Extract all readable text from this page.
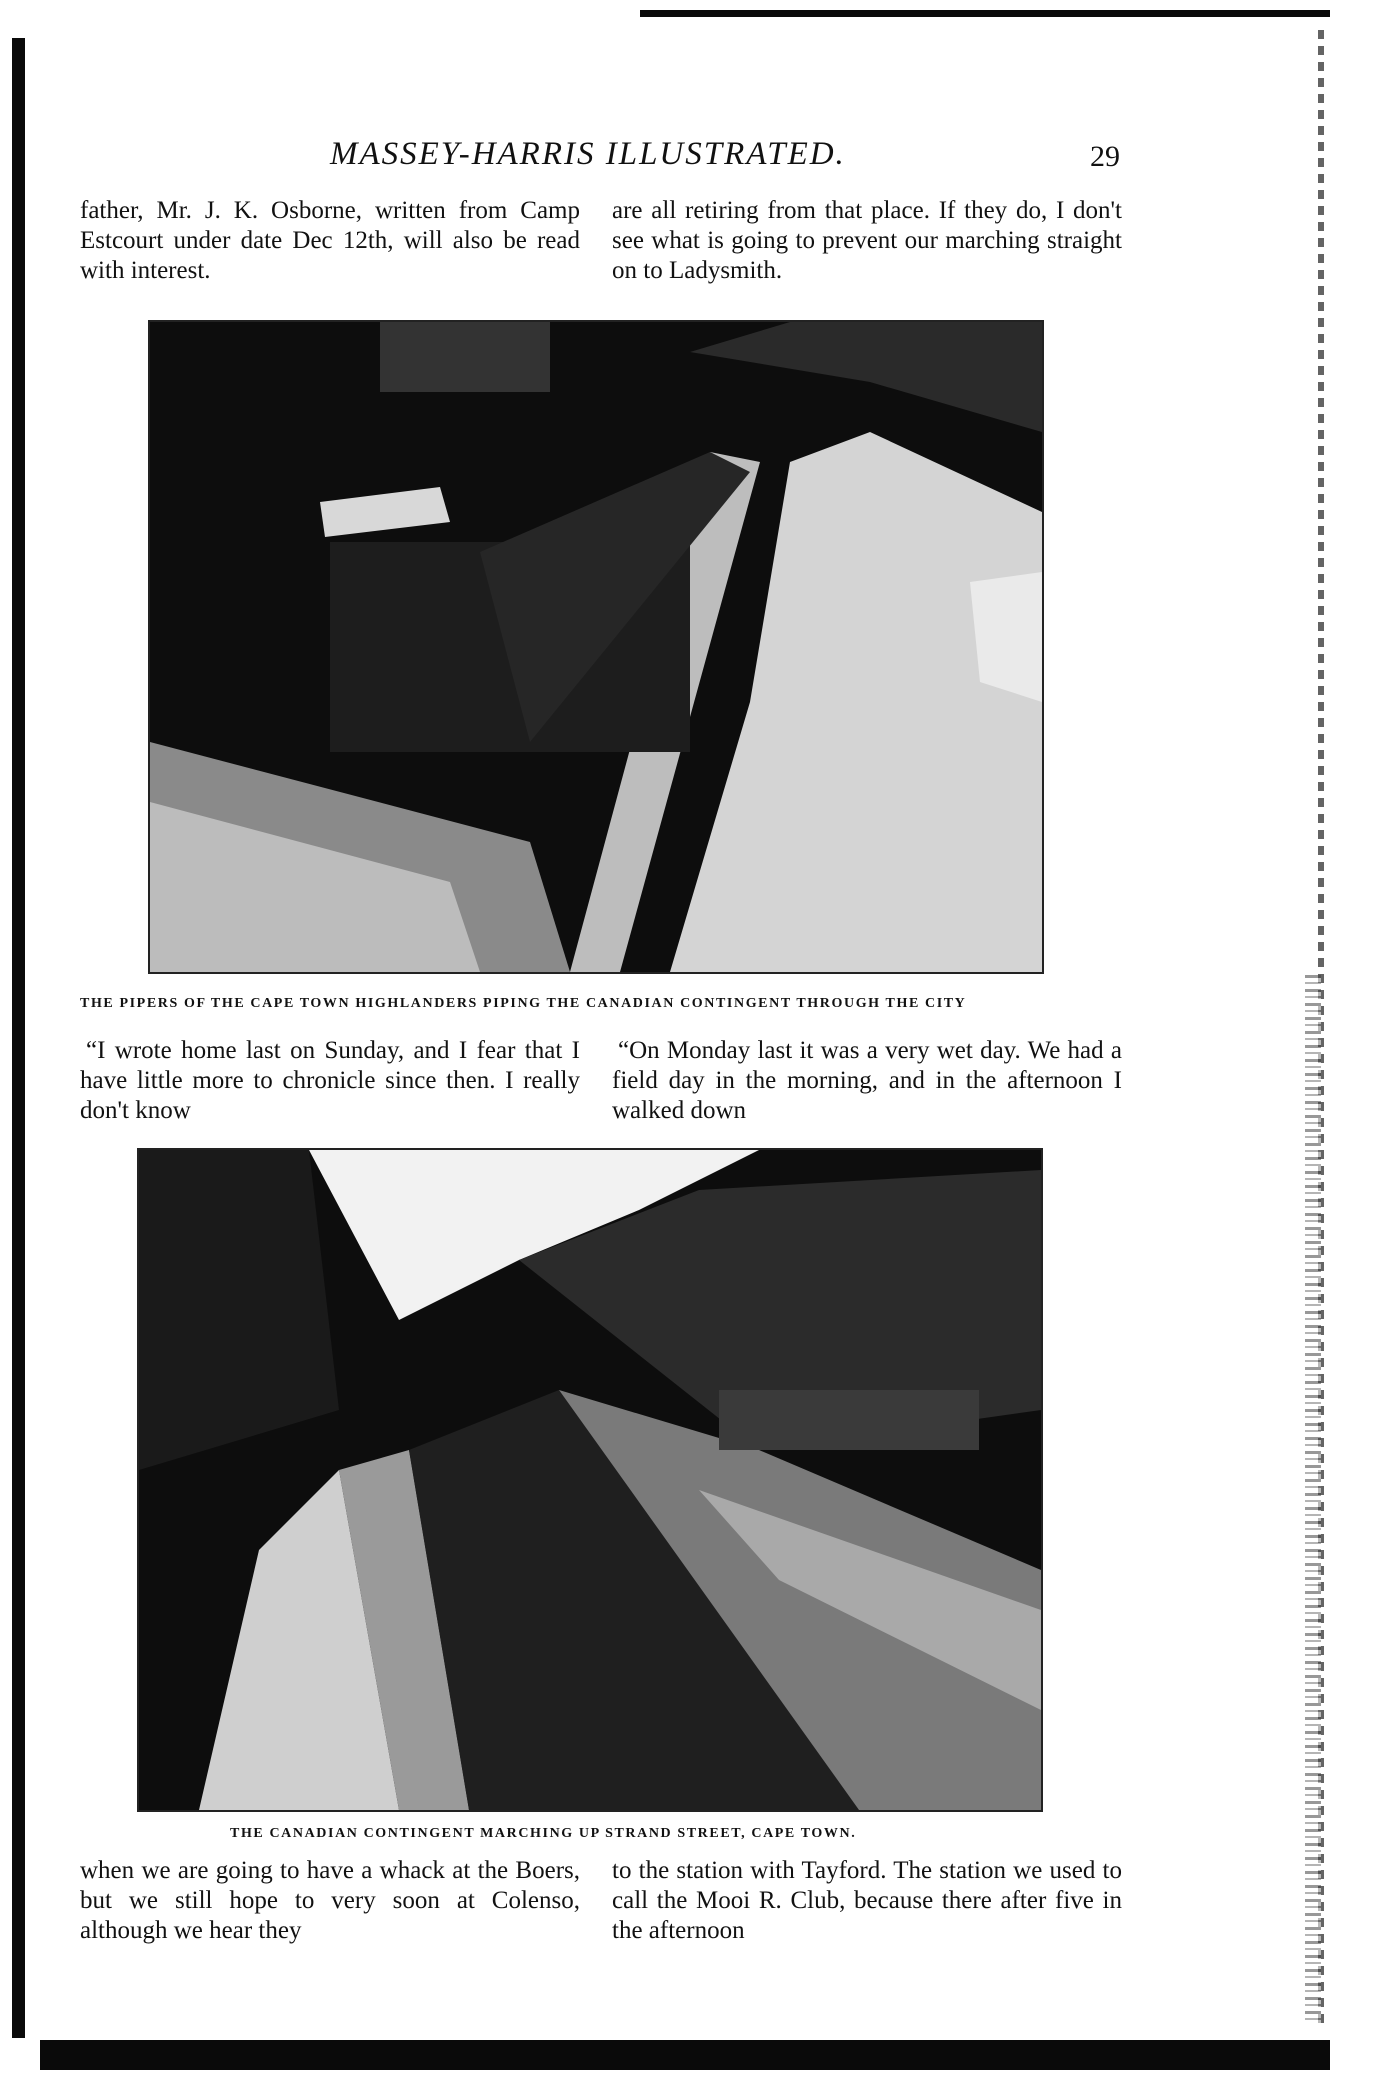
MASSEY-HARRIS ILLUSTRATED.	29

father, Mr. J. K. Osborne, written from Camp Estcourt under date Dec 12th, will also be read with interest.

are all retiring from that place. If they do, I don't see what is going to prevent our marching straight on to Ladysmith.

THE PIPERS OF THE CAPE TOWN HIGHLANDERS PIPING THE CANADIAN CONTINGENT THROUGH THE CITY

“I wrote home last on Sunday, and I fear that I have little more to chronicle since then. I really don't know

“On Monday last it was a very wet day. We had a field day in the morning, and in the afternoon I walked down

THE CANADIAN CONTINGENT MARCHING UP STRAND STREET, CAPE TOWN.

when we are going to have a whack at the Boers, but we still hope to very soon at Colenso, although we hear they

to the station with Tayford. The station we used to call the Mooi R. Club, because there after five in the afternoon
